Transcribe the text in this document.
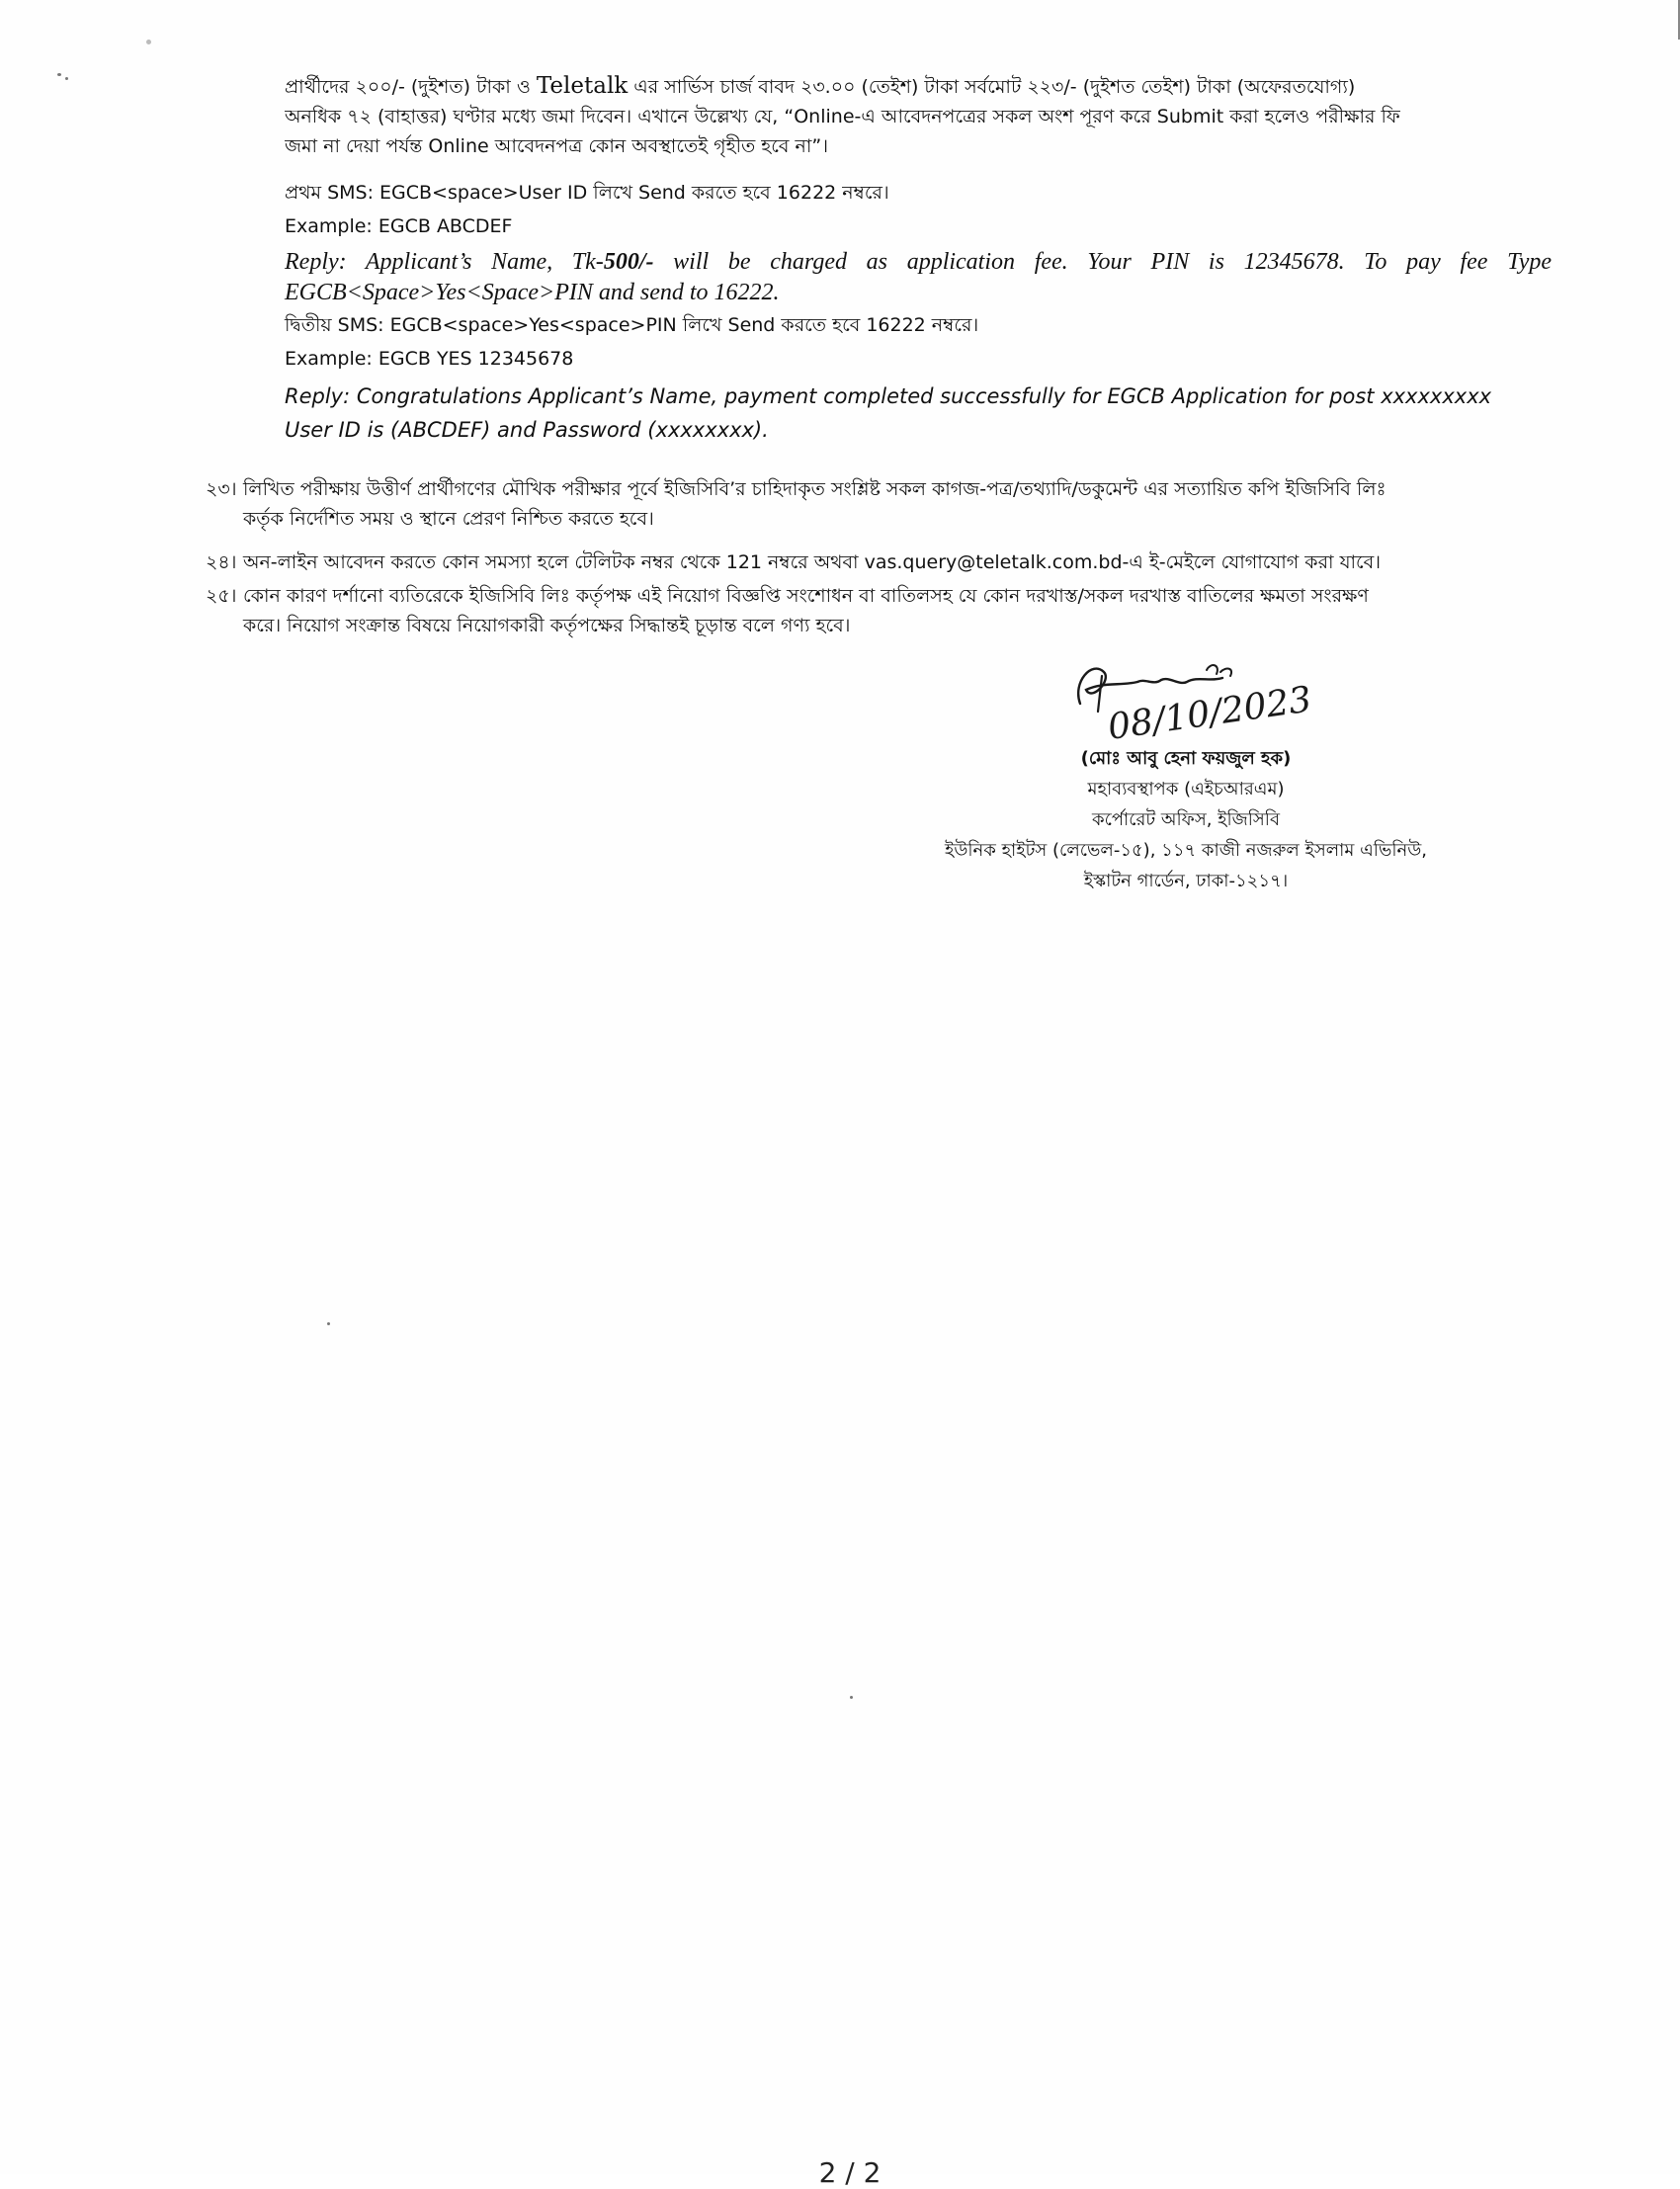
প্রার্থীদের ২০০/- (দুইশত) টাকা ও Teletalk এর সার্ভিস চার্জ বাবদ ২৩.০০ (তেইশ) টাকা সর্বমোট ২২৩/- (দুইশত তেইশ) টাকা (অফেরতযোগ্য)
অনধিক ৭২ (বাহাত্তর) ঘণ্টার মধ্যে জমা দিবেন। এখানে উল্লেখ্য যে, “Online-এ আবেদনপত্রের সকল অংশ পূরণ করে Submit করা হলেও পরীক্ষার ফি
জমা না দেয়া পর্যন্ত Online আবেদনপত্র কোন অবস্থাতেই গৃহীত হবে না”।
প্রথম SMS: EGCB<space>User ID লিখে Send করতে হবে 16222 নম্বরে।
Example: EGCB ABCDEF
Reply: Applicant’s Name, Tk-500/- will be charged as application fee. Your PIN is 12345678. To pay fee Type EGCB<Space>Yes<Space>PIN and send to 16222.
দ্বিতীয় SMS: EGCB<space>Yes<space>PIN লিখে Send করতে হবে 16222 নম্বরে।
Example: EGCB YES 12345678
Reply: Congratulations Applicant’s Name, payment completed successfully for EGCB Application for post xxxxxxxxx
User ID is (ABCDEF) and Password (xxxxxxxx).
২৩। লিখিত পরীক্ষায় উত্তীর্ণ প্রার্থীগণের মৌখিক পরীক্ষার পূর্বে ইজিসিবি’র চাহিদাকৃত সংশ্লিষ্ট সকল কাগজ-পত্র/তথ্যাদি/ডকুমেন্ট এর সত্যায়িত কপি ইজিসিবি লিঃ
কর্তৃক নির্দেশিত সময় ও স্থানে প্রেরণ নিশ্চিত করতে হবে।
২৪। অন-লাইন আবেদন করতে কোন সমস্যা হলে টেলিটক নম্বর থেকে 121 নম্বরে অথবা vas.query@teletalk.com.bd-এ ই-মেইলে যোগাযোগ করা যাবে।
২৫। কোন কারণ দর্শানো ব্যতিরেকে ইজিসিবি লিঃ কর্তৃপক্ষ এই নিয়োগ বিজ্ঞপ্তি সংশোধন বা বাতিলসহ যে কোন দরখাস্ত/সকল দরখাস্ত বাতিলের ক্ষমতা সংরক্ষণ
করে। নিয়োগ সংক্রান্ত বিষয়ে নিয়োগকারী কর্তৃপক্ষের সিদ্ধান্তই চূড়ান্ত বলে গণ্য হবে।
08/10/2023
(মোঃ আবু হেনা ফয়জুল হক)
মহাব্যবস্থাপক (এইচআরএম)
কর্পোরেট অফিস, ইজিসিবি
ইউনিক হাইটস (লেভেল-১৫), ১১৭ কাজী নজরুল ইসলাম এভিনিউ,
ইস্কাটন গার্ডেন, ঢাকা-১২১৭।
2 / 2
